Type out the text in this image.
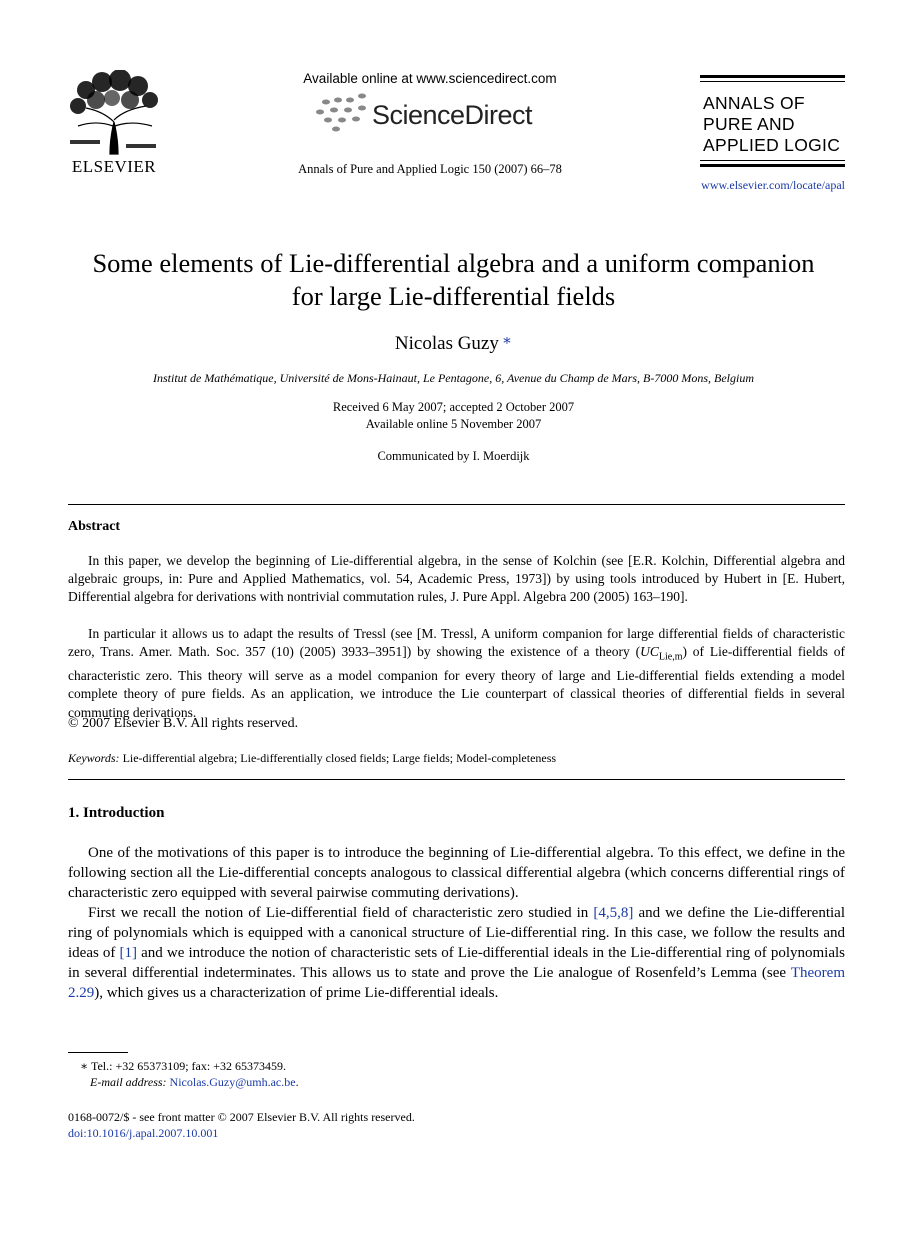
ELSEVIER
Available online at www.sciencedirect.com
ScienceDirect
Annals of Pure and Applied Logic 150 (2007) 66–78
ANNALS OF
PURE AND
APPLIED LOGIC
www.elsevier.com/locate/apal
Some elements of Lie-differential algebra and a uniform companion
for large Lie-differential fields
Nicolas Guzy ∗
Institut de Mathématique, Université de Mons-Hainaut, Le Pentagone, 6, Avenue du Champ de Mars, B-7000 Mons, Belgium
Received 6 May 2007; accepted 2 October 2007
Available online 5 November 2007
Communicated by I. Moerdijk
Abstract
In this paper, we develop the beginning of Lie-differential algebra, in the sense of Kolchin (see [E.R. Kolchin, Differential algebra and algebraic groups, in: Pure and Applied Mathematics, vol. 54, Academic Press, 1973]) by using tools introduced by Hubert in [E. Hubert, Differential algebra for derivations with nontrivial commutation rules, J. Pure Appl. Algebra 200 (2005) 163–190].
In particular it allows us to adapt the results of Tressl (see [M. Tressl, A uniform companion for large differential fields of characteristic zero, Trans. Amer. Math. Soc. 357 (10) (2005) 3933–3951]) by showing the existence of a theory $(UC_{Lie,m})$ of Lie-differential fields of characteristic zero. This theory will serve as a model companion for every theory of large and Lie-differential fields extending a model complete theory of pure fields. As an application, we introduce the Lie counterpart of classical theories of differential fields in several commuting derivations.
© 2007 Elsevier B.V. All rights reserved.
Keywords: Lie-differential algebra; Lie-differentially closed fields; Large fields; Model-completeness
1. Introduction
One of the motivations of this paper is to introduce the beginning of Lie-differential algebra. To this effect, we define in the following section all the Lie-differential concepts analogous to classical differential algebra (which concerns differential rings of characteristic zero equipped with several pairwise commuting derivations).
First we recall the notion of Lie-differential field of characteristic zero studied in [4,5,8] and we define the Lie-differential ring of polynomials which is equipped with a canonical structure of Lie-differential ring. In this case, we follow the results and ideas of [1] and we introduce the notion of characteristic sets of Lie-differential ideals in the Lie-differential ring of polynomials in several differential indeterminates. This allows us to state and prove the Lie analogue of Rosenfeld’s Lemma (see Theorem 2.29), which gives us a characterization of prime Lie-differential ideals.
∗ Tel.: +32 65373109; fax: +32 65373459.
E-mail address: Nicolas.Guzy@umh.ac.be.
0168-0072/$ - see front matter © 2007 Elsevier B.V. All rights reserved.
doi:10.1016/j.apal.2007.10.001
